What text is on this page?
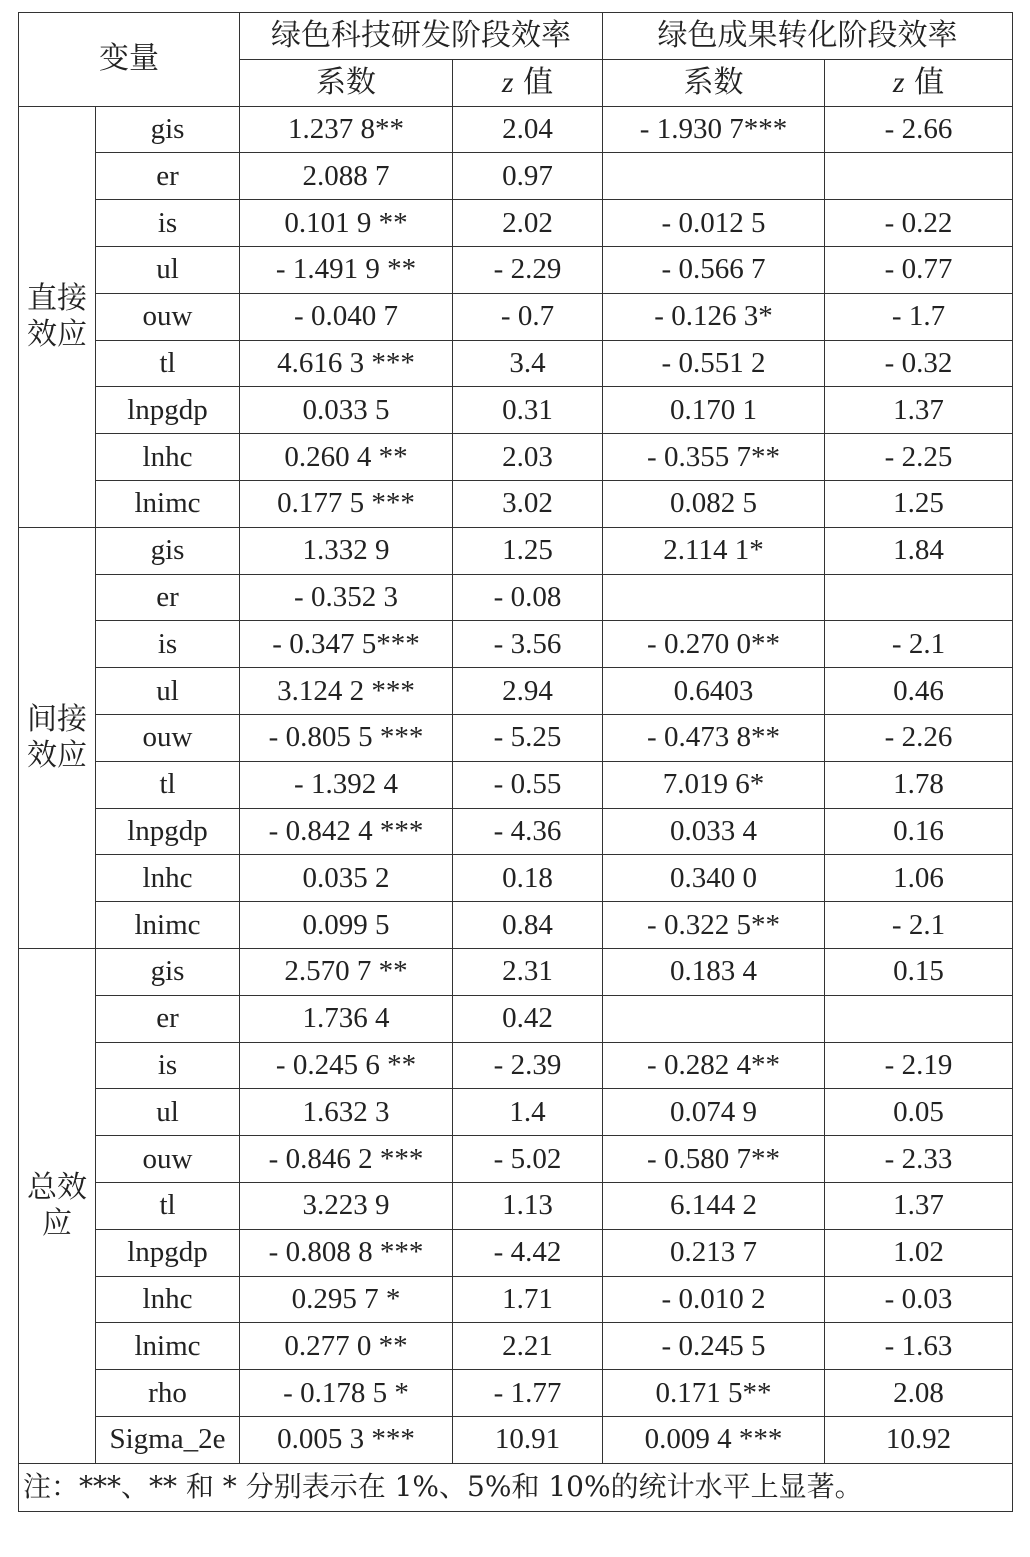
变量		绿色科技研发阶段效率		绿色成果转化阶段效率	
		系数	z 值	系数	z 值
直接效应	gis	1.237 8**	2.04	- 1.930 7***	- 2.66
	er	2.088 7	0.97		
	is	0.101 9 **	2.02	- 0.012 5	- 0.22
	ul	- 1.491 9 **	- 2.29	- 0.566 7	- 0.77
	ouw	- 0.040 7	- 0.7	- 0.126 3*	- 1.7
	tl	4.616 3 ***	3.4	- 0.551 2	- 0.32
	lnpgdp	0.033 5	0.31	0.170 1	1.37
	lnhc	0.260 4 **	2.03	- 0.355 7**	- 2.25
	lnimc	0.177 5 ***	3.02	0.082 5	1.25
间接效应	gis	1.332 9	1.25	2.114 1*	1.84
	er	- 0.352 3	- 0.08		
	is	- 0.347 5***	- 3.56	- 0.270 0**	- 2.1
	ul	3.124 2 ***	2.94	0.6403	0.46
	ouw	- 0.805 5 ***	- 5.25	- 0.473 8**	- 2.26
	tl	- 1.392 4	- 0.55	7.019 6*	1.78
	lnpgdp	- 0.842 4 ***	- 4.36	0.033 4	0.16
	lnhc	0.035 2	0.18	0.340 0	1.06
	lnimc	0.099 5	0.84	- 0.322 5**	- 2.1
总效应	gis	2.570 7 **	2.31	0.183 4	0.15
	er	1.736 4	0.42		
	is	- 0.245 6 **	- 2.39	- 0.282 4**	- 2.19
	ul	1.632 3	1.4	0.074 9	0.05
	ouw	- 0.846 2 ***	- 5.02	- 0.580 7**	- 2.33
	tl	3.223 9	1.13	6.144 2	1.37
	lnpgdp	- 0.808 8 ***	- 4.42	0.213 7	1.02
	lnhc	0.295 7 *	1.71	- 0.010 2	- 0.03
	lnimc	0.277 0 **	2.21	- 0.245 5	- 1.63
	rho	- 0.178 5 *	- 1.77	0.171 5**	2.08
	Sigma_2e	0.005 3 ***	10.91	0.009 4 ***	10.92
注：***、** 和 * 分别表示在 1%、5%和 10%的统计水平上显著。					
